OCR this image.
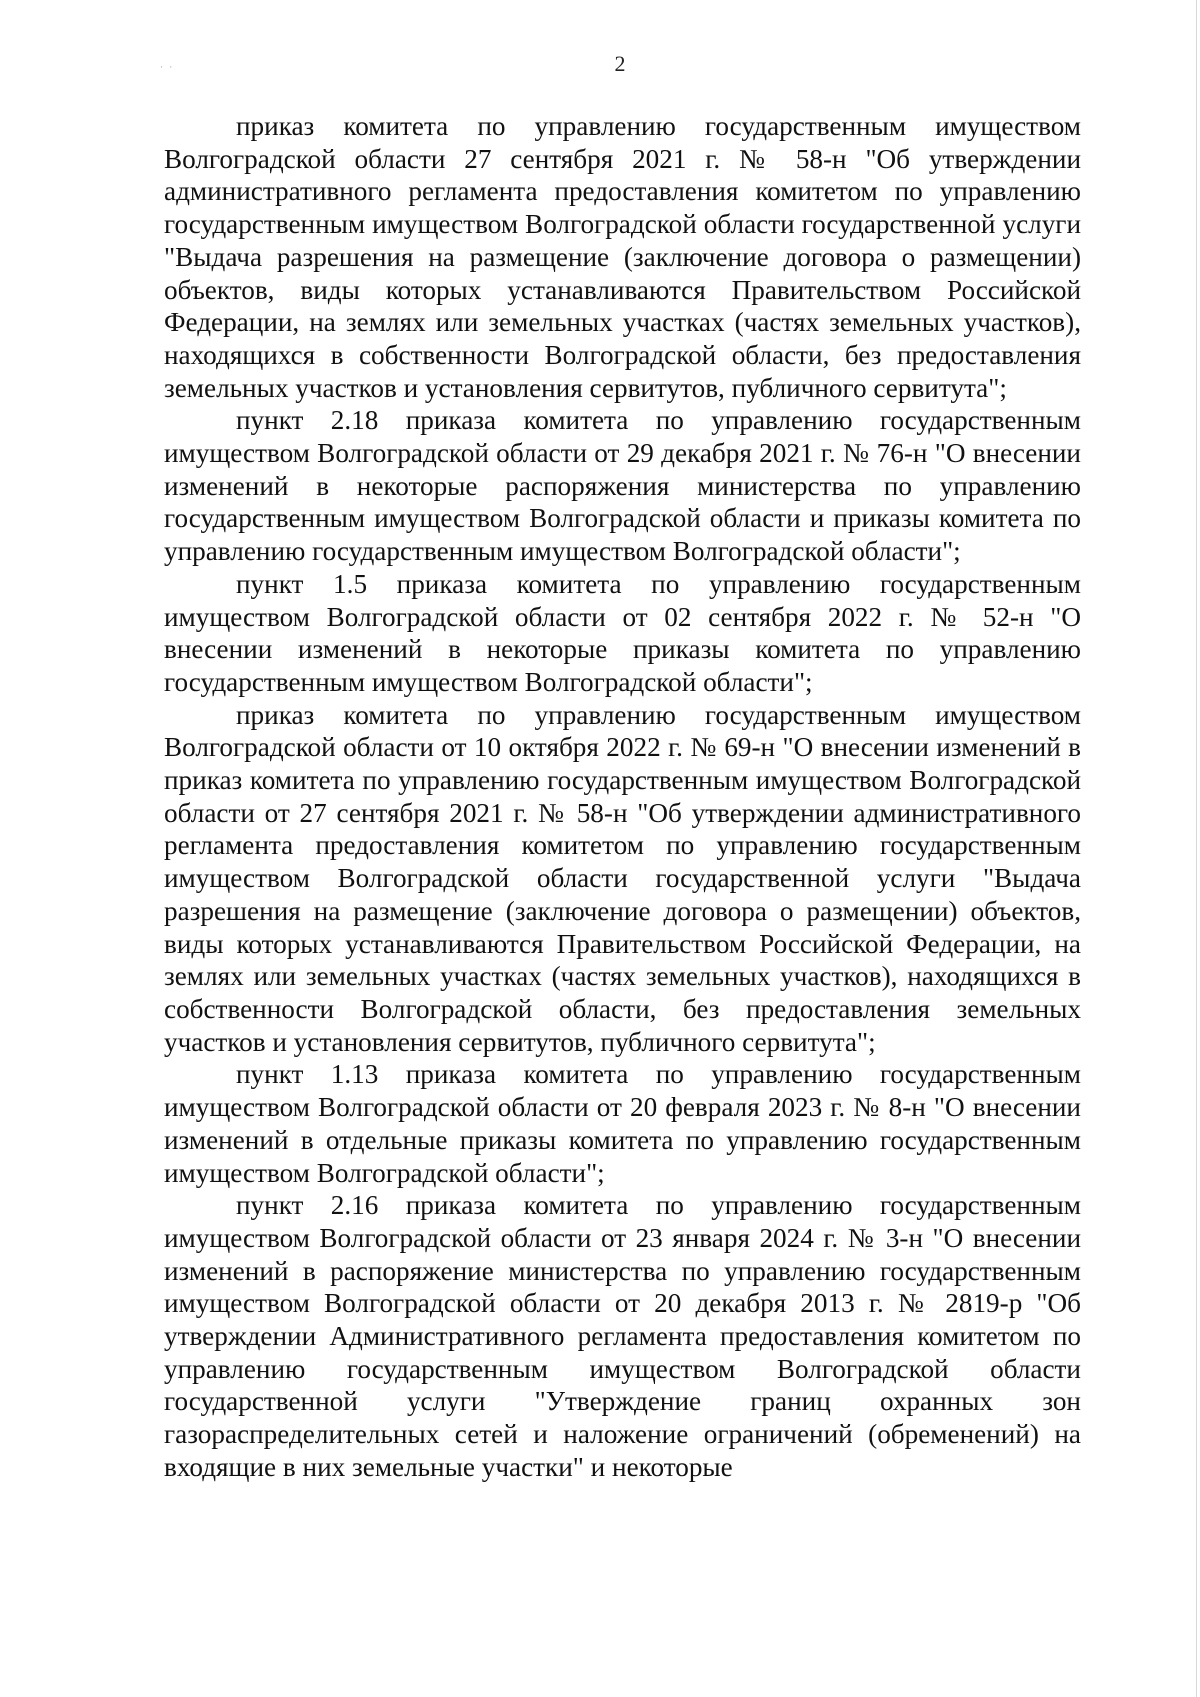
· ·	2

приказ комитета по управлению государственным имуществом Волгоградской области 27 сентября 2021 г. № 58-н "Об утверждении административного регламента предоставления комитетом по управлению государственным имуществом Волгоградской области государственной услуги "Выдача разрешения на размещение (заключение договора о размещении) объектов, виды которых устанавливаются Правительством Российской Федерации, на землях или земельных участках (частях земельных участков), находящихся в собственности Волгоградской области, без предоставления земельных участков и установления сервитутов, публичного сервитута";

пункт 2.18 приказа комитета по управлению государственным имуществом Волгоградской области от 29 декабря 2021 г. № 76-н "О внесении изменений в некоторые распоряжения министерства по управлению государственным имуществом Волгоградской области и приказы комитета по управлению государственным имуществом Волгоградской области";

пункт 1.5 приказа комитета по управлению государственным имуществом Волгоградской области от 02 сентября 2022 г. № 52-н "О внесении изменений в некоторые приказы комитета по управлению государственным имуществом Волгоградской области";

приказ комитета по управлению государственным имуществом Волгоградской области от 10 октября 2022 г. № 69-н "О внесении изменений в приказ комитета по управлению государственным имуществом Волгоградской области от 27 сентября 2021 г. № 58-н "Об утверждении административного регламента предоставления комитетом по управлению государственным имуществом Волгоградской области государственной услуги "Выдача разрешения на размещение (заключение договора о размещении) объектов, виды которых устанавливаются Правительством Российской Федерации, на землях или земельных участках (частях земельных участков), находящихся в собственности Волгоградской области, без предоставления земельных участков и установления сервитутов, публичного сервитута";

пункт 1.13 приказа комитета по управлению государственным имуществом Волгоградской области от 20 февраля 2023 г. № 8-н "О внесении изменений в отдельные приказы комитета по управлению государственным имуществом Волгоградской области";

пункт 2.16 приказа комитета по управлению государственным имуществом Волгоградской области от 23 января 2024 г. № 3-н "О внесении изменений в распоряжение министерства по управлению государственным имуществом Волгоградской области от 20 декабря 2013 г. № 2819-р "Об утверждении Административного регламента предоставления комитетом по управлению государственным имуществом Волгоградской области государственной услуги "Утверждение границ охранных зон газораспределительных сетей и наложение ограничений (обременений) на входящие в них земельные участки" и некоторые
